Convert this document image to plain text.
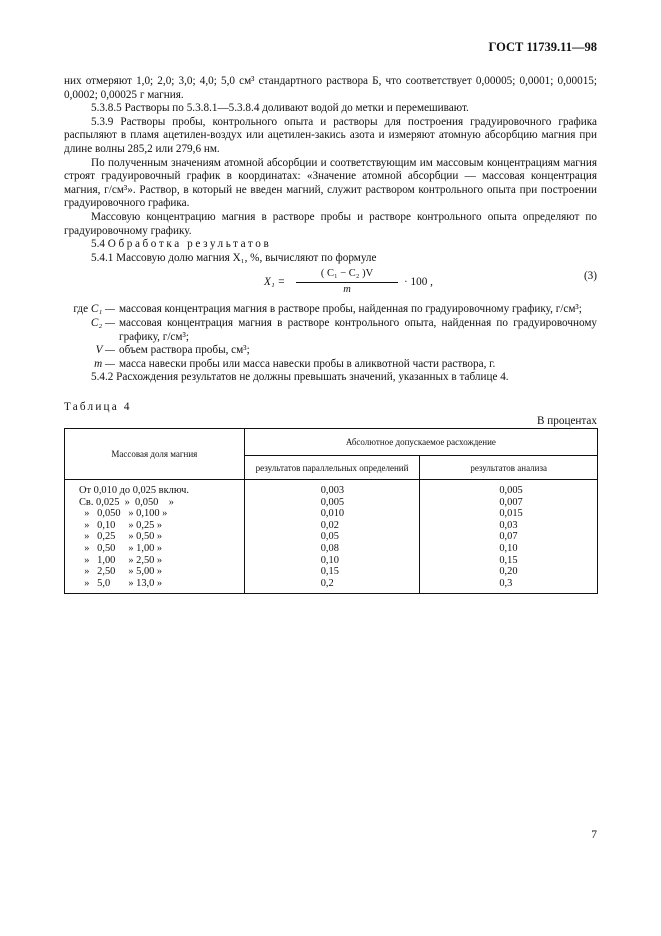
ГОСТ 11739.11—98

них отмеряют 1,0; 2,0; 3,0; 4,0; 5,0 см³ стандартного раствора Б, что соответствует 0,00005; 0,0001; 0,00015; 0,0002; 0,00025 г магния.

5.3.8.5 Растворы по 5.3.8.1—5.3.8.4 доливают водой до метки и перемешивают.

5.3.9 Растворы пробы, контрольного опыта и растворы для построения градуировочного графика распыляют в пламя ацетилен-воздух или ацетилен-закись азота и измеряют атомную абсорбцию магния при длине волны 285,2 или 279,6 нм.

По полученным значениям атомной абсорбции и соответствующим им массовым концентрациям магния строят градуировочный график в координатах: «Значение атомной абсорбции — массовая концентрация магния, г/см³». Раствор, в который не введен магний, служит раствором контрольного опыта при построении градуировочного графика.

Массовую концентрацию магния в растворе пробы и растворе контрольного опыта определяют по градуировочному графику.

5.4 Обработка результатов

5.4.1 Массовую долю магния X₁, %, вычисляют по формуле

$X_1 = \frac{\text{( C₁ − C₂ )V}}{m} \cdot 100$ ,	(3)
где C₁ — массовая концентрация магния в растворе пробы, найденная по градуировочному графику, г/см³;
C₂ — массовая концентрация магния в растворе контрольного опыта, найденная по градуировочному графику, г/см³;
V — объем раствора пробы, см³;
m — масса навески пробы или масса навески пробы в аликвотной части раствора, г.

5.4.2 Расхождения результатов не должны превышать значений, указанных в таблице 4.

Таблица 4
В процентах
Массовая доля магния	Абсолютное допускаемое расхождение	
	результатов параллельных определений	результатов анализа
От 0,010 до 0,025 включ.	0,003	0,005
Св. 0,025  »  0,050    »	0,005	0,007
»   0,050   » 0,100 »	0,010	0,015
»   0,10     » 0,25 »	0,02	0,03
»   0,25     » 0,50 »	0,05	0,07
»   0,50     » 1,00 »	0,08	0,10
»   1,00     » 2,50 »	0,10	0,15
»   2,50     » 5,00 »	0,15	0,20
»   5,0       » 13,0 »	0,2	0,3
7
